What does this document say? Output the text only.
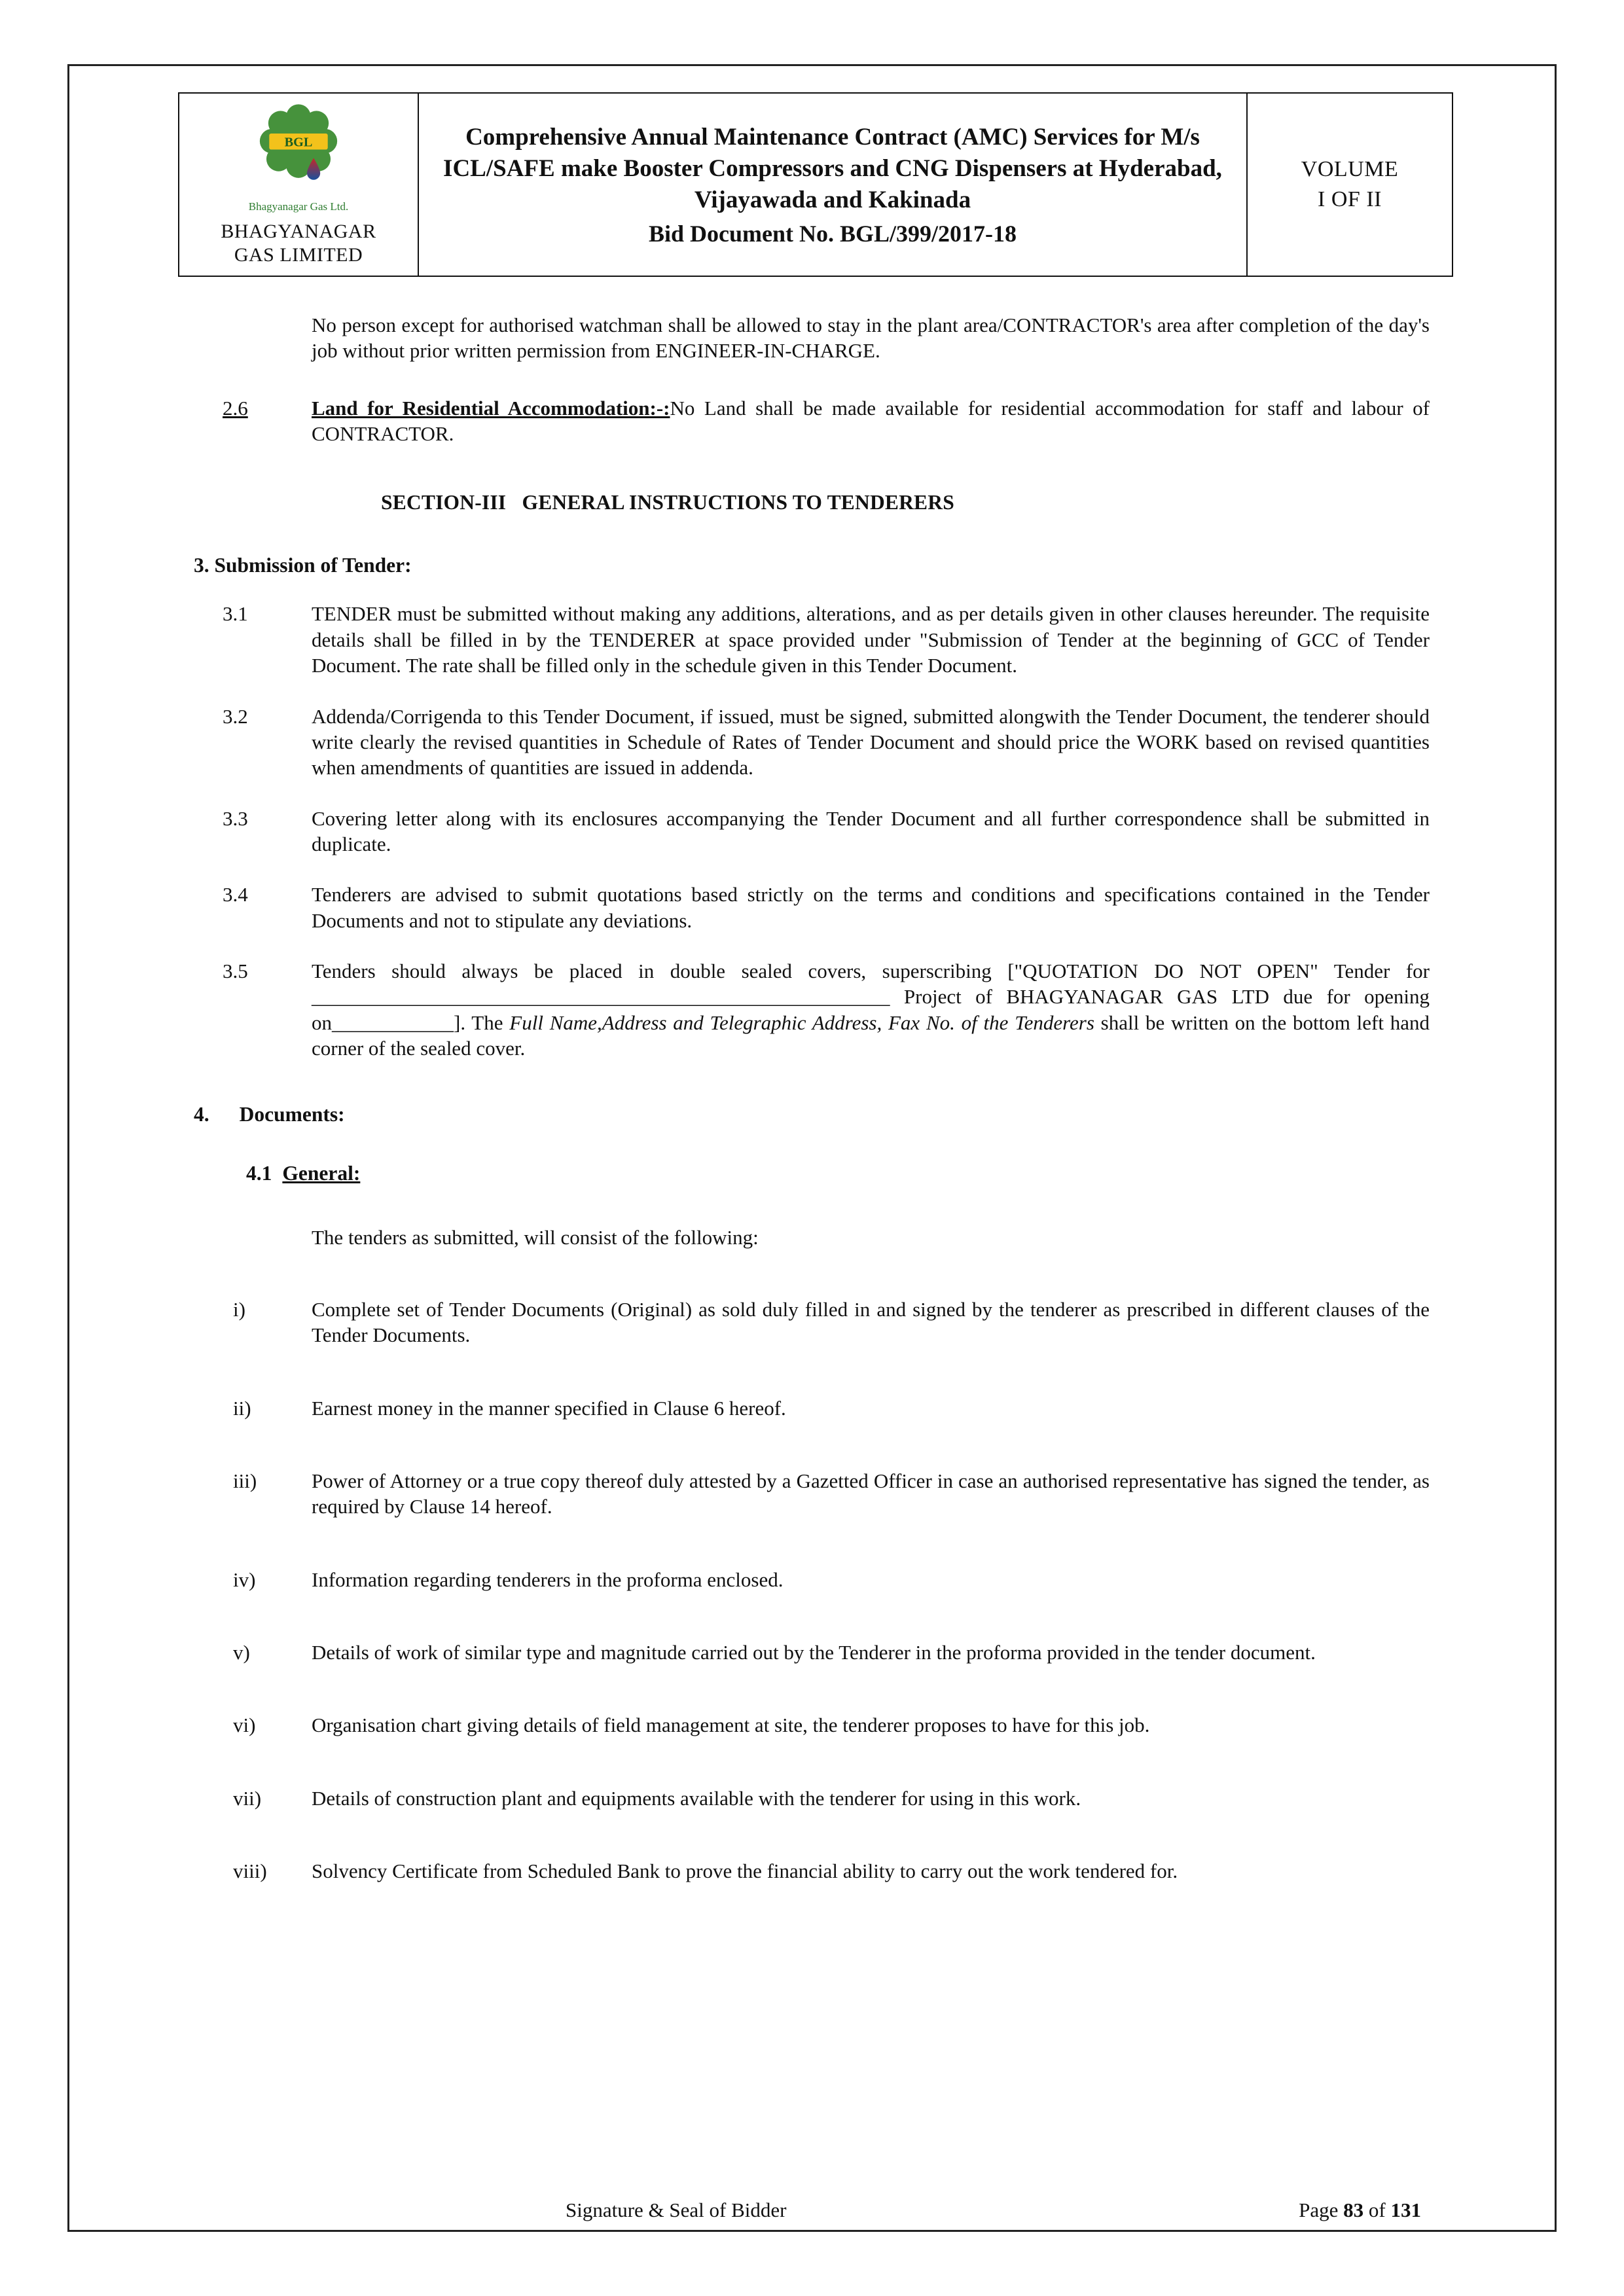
BGL
Bhagyanagar Gas Ltd.
BHAGYANAGAR
GAS LIMITED
Comprehensive Annual Maintenance Contract (AMC) Services for M/s ICL/SAFE make Booster Compressors and CNG Dispensers at Hyderabad, Vijayawada and Kakinada
Bid Document No. BGL/399/2017-18
VOLUME
I OF II

No person except for authorised watchman shall be allowed to stay in the plant area/CONTRACTOR's area after completion of the day's job without prior written permission from ENGINEER-IN-CHARGE.

2.6	Land for Residential Accommodation:-:No Land shall be made available for residential accommodation for staff and labour of CONTRACTOR.

SECTION-III   GENERAL INSTRUCTIONS TO TENDERERS
3. Submission of Tender:
3.1	TENDER must be submitted without making any additions, alterations, and as per details given in other clauses hereunder. The requisite details shall be filled in by the TENDERER at space provided under "Submission of Tender at the beginning of GCC of Tender Document. The rate shall be filled only in the schedule given in this Tender Document.

3.2	Addenda/Corrigenda to this Tender Document, if issued, must be signed, submitted alongwith the Tender Document, the tenderer should write clearly the revised quantities in Schedule of Rates of Tender Document and should price the WORK based on revised quantities when amendments of quantities are issued in addenda.

3.3	Covering letter along with its enclosures accompanying the Tender Document and all further correspondence shall be submitted in duplicate.

3.4	Tenderers are advised to submit quotations based strictly on the terms and conditions and specifications contained in the Tender Documents and not to stipulate any deviations.

3.5	Tenders should always be placed in double sealed covers, superscribing ["QUOTATION DO NOT OPEN" Tender for _________________________________________________________ Project of BHAGYANAGAR GAS LTD due for opening on____________]. The Full Name,Address and Telegraphic Address, Fax No. of the Tenderers shall be written on the bottom left hand corner of the sealed cover.

4. Documents:
4.1 General:

The tenders as submitted, will consist of the following:

i)	Complete set of Tender Documents (Original) as sold duly filled in and signed by the tenderer as prescribed in different clauses of the Tender Documents.

ii)	Earnest money in the manner specified in Clause 6 hereof.

iii)	Power of Attorney or a true copy thereof duly attested by a Gazetted Officer in case an authorised representative has signed the tender, as required by Clause 14 hereof.

iv)	Information regarding tenderers in the proforma enclosed.

v)	Details of work of similar type and magnitude carried out by the Tenderer in the proforma provided in the tender document.

vi)	Organisation chart giving details of field management at site, the tenderer proposes to have for this job.

vii)	Details of construction plant and equipments available with the tenderer for using in this work.

viii)	Solvency Certificate from Scheduled Bank to prove the financial ability to carry out the work tendered for.

Signature & Seal of Bidder	Page 83 of 131
